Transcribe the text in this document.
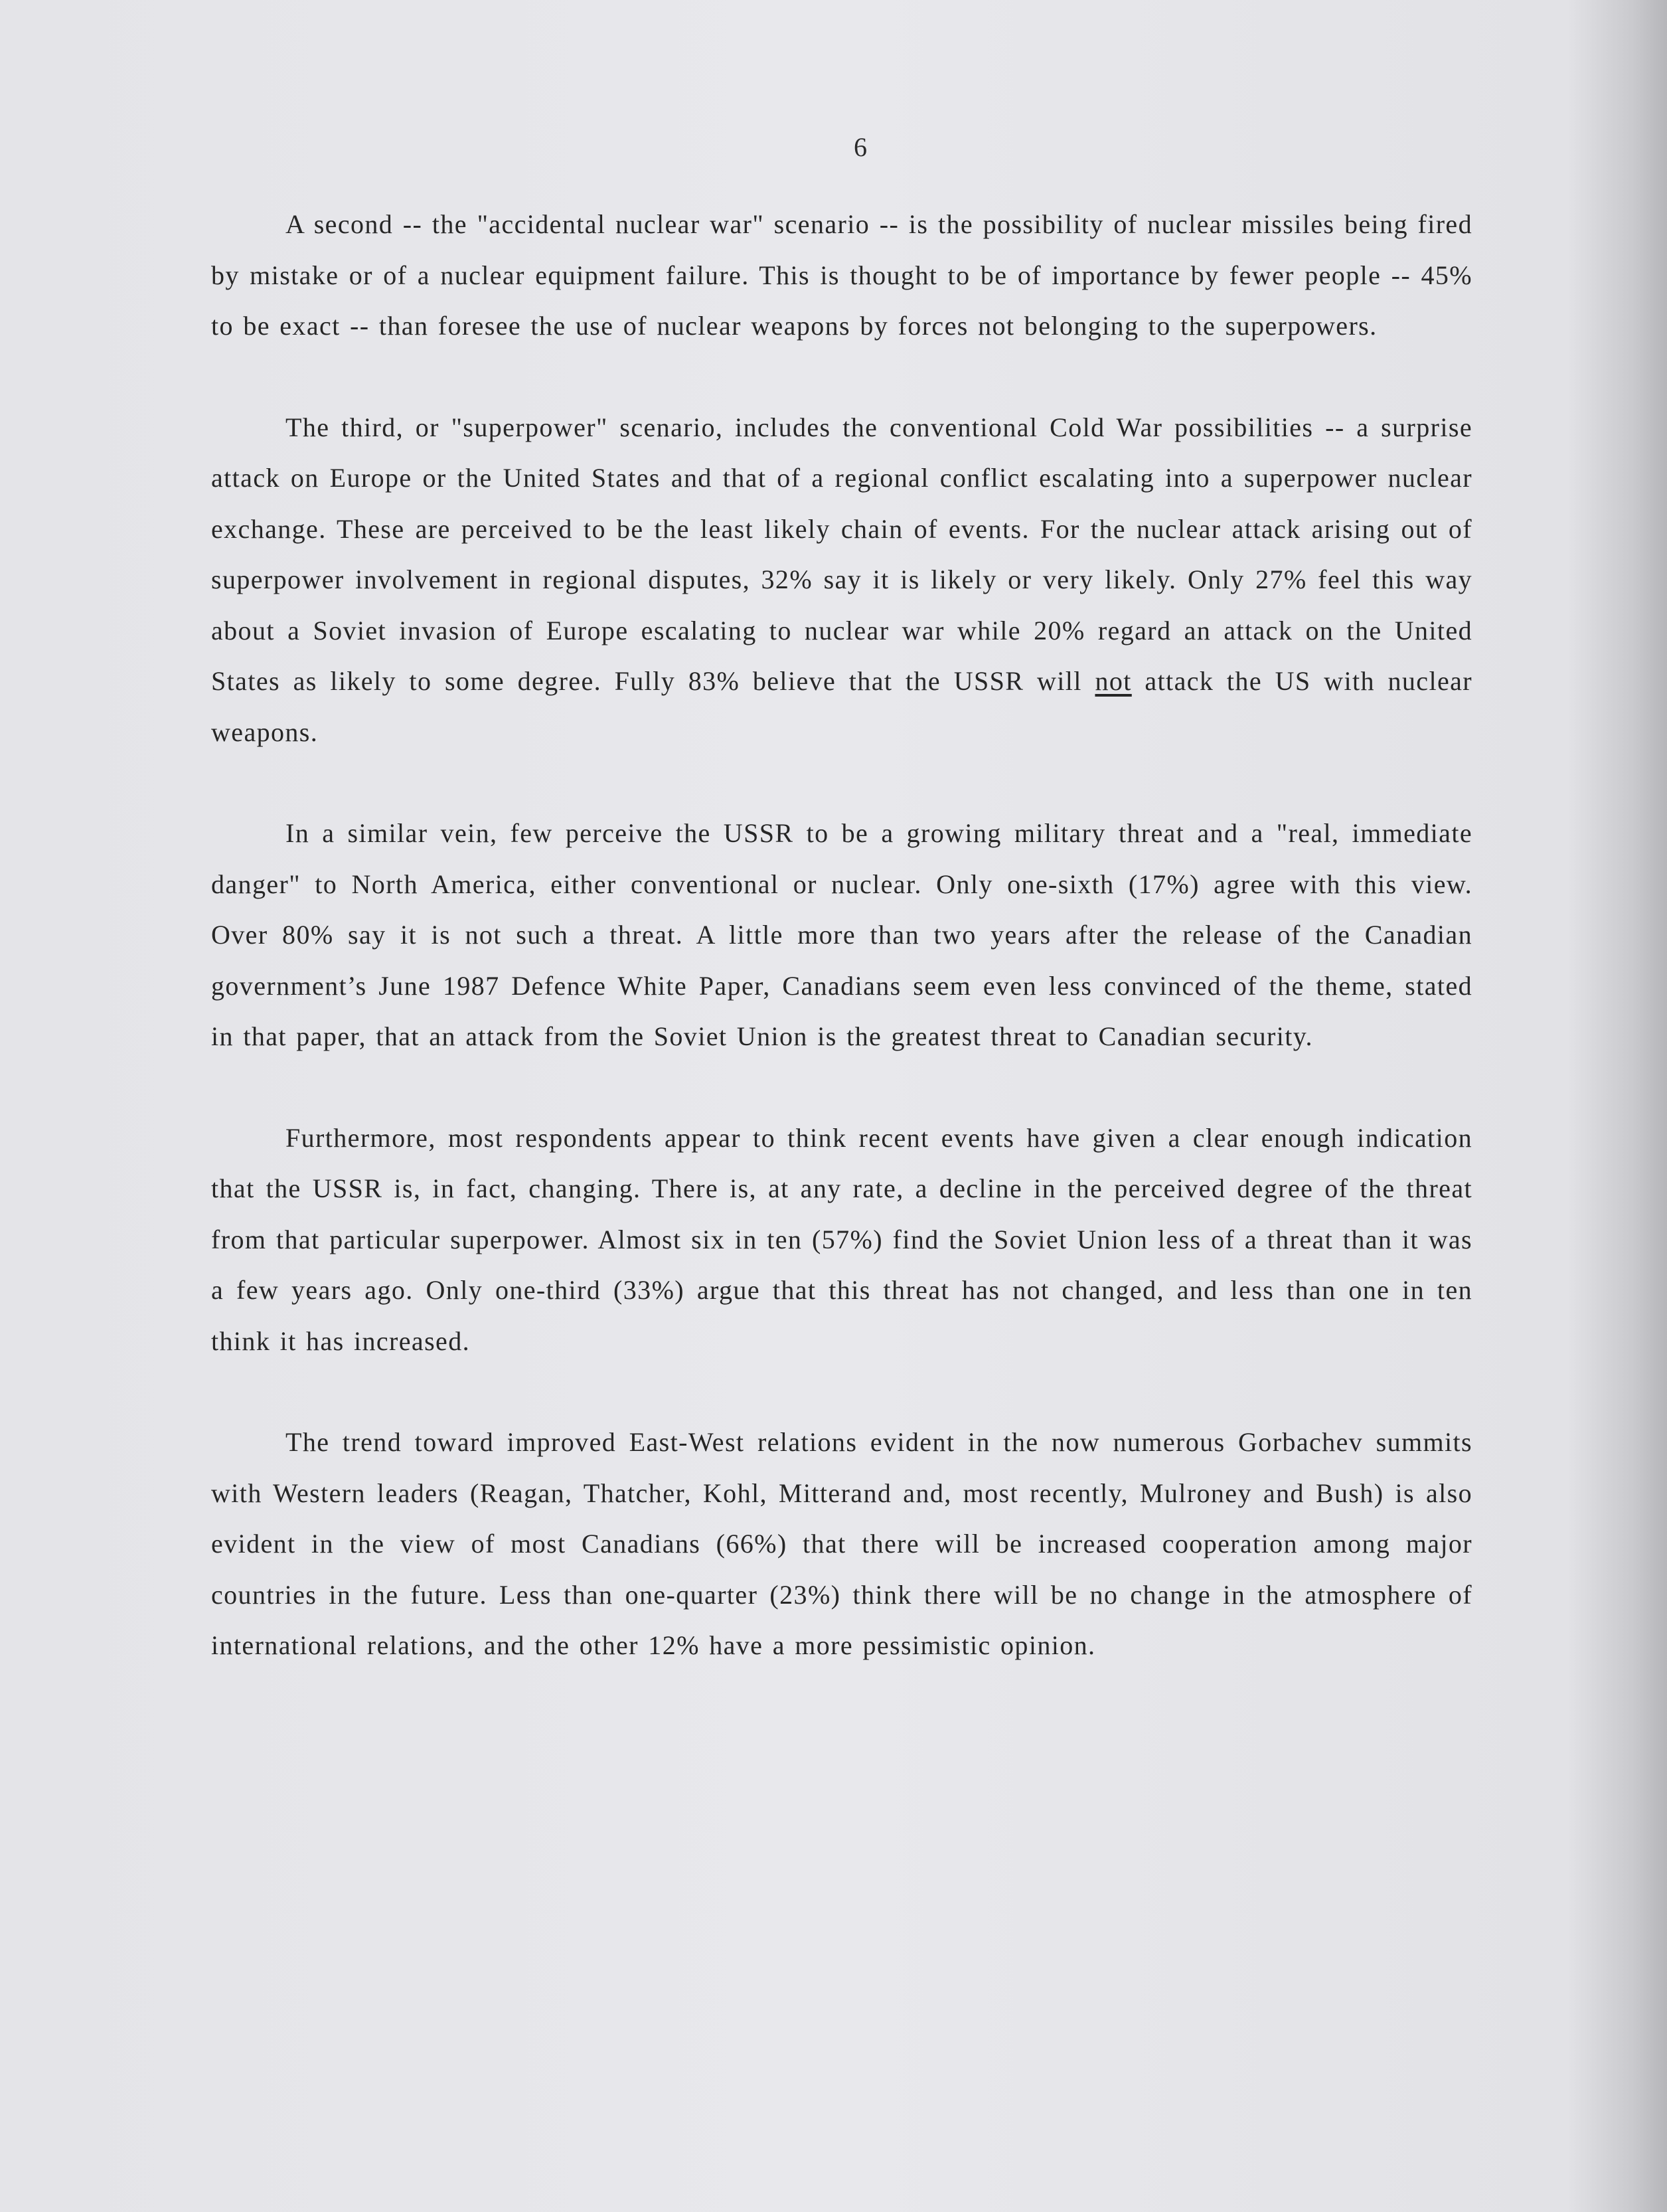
6

A second -- the "accidental nuclear war" scenario -- is the possibility of nuclear missiles being fired by mistake or of a nuclear equipment failure. This is thought to be of importance by fewer people -- 45% to be exact -- than foresee the use of nuclear weapons by forces not belonging to the superpowers.

The third, or "superpower" scenario, includes the conventional Cold War possibilities -- a surprise attack on Europe or the United States and that of a regional conflict escalating into a superpower nuclear exchange. These are perceived to be the least likely chain of events. For the nuclear attack arising out of superpower involvement in regional disputes, 32% say it is likely or very likely. Only 27% feel this way about a Soviet invasion of Europe escalating to nuclear war while 20% regard an attack on the United States as likely to some degree. Fully 83% believe that the USSR will not attack the US with nuclear weapons.

In a similar vein, few perceive the USSR to be a growing military threat and a "real, immediate danger" to North America, either conventional or nuclear. Only one-sixth (17%) agree with this view. Over 80% say it is not such a threat. A little more than two years after the release of the Canadian government’s June 1987 Defence White Paper, Canadians seem even less convinced of the theme, stated in that paper, that an attack from the Soviet Union is the greatest threat to Canadian security.

Furthermore, most respondents appear to think recent events have given a clear enough indication that the USSR is, in fact, changing. There is, at any rate, a decline in the perceived degree of the threat from that particular superpower. Almost six in ten (57%) find the Soviet Union less of a threat than it was a few years ago. Only one-third (33%) argue that this threat has not changed, and less than one in ten think it has increased.

The trend toward improved East-West relations evident in the now numerous Gorbachev summits with Western leaders (Reagan, Thatcher, Kohl, Mitterand and, most recently, Mulroney and Bush) is also evident in the view of most Canadians (66%) that there will be increased cooperation among major countries in the future. Less than one-quarter (23%) think there will be no change in the atmosphere of international relations, and the other 12% have a more pessimistic opinion.
